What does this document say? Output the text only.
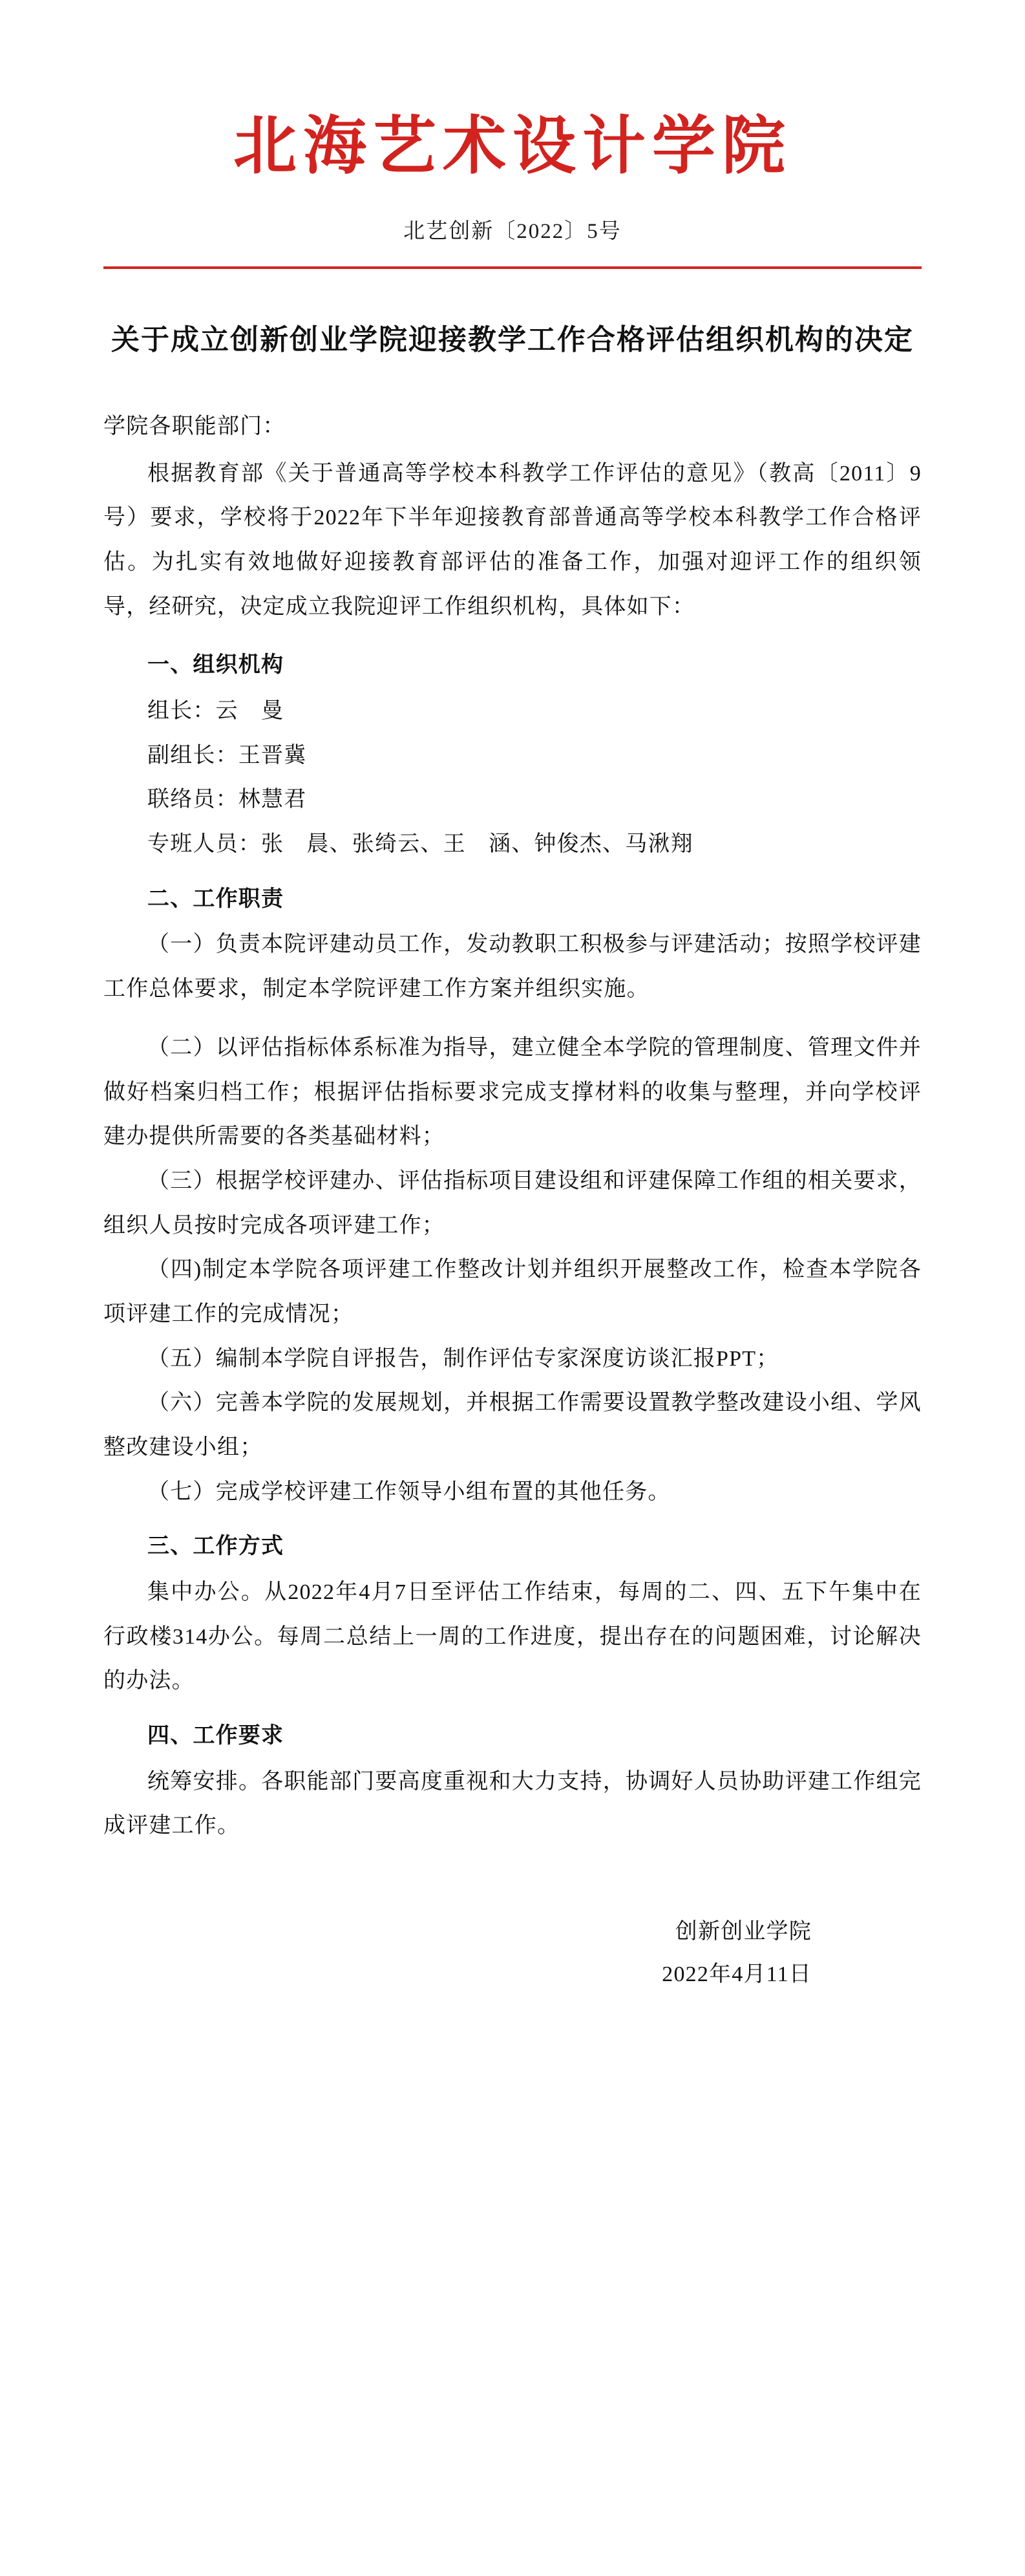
北海艺术设计学院
北艺创新〔2022〕5号
关于成立创新创业学院迎接教学工作合格评估组织机构的决定

学院各职能部门：

根据教育部《关于普通高等学校本科教学工作评估的意见》（教高〔2011〕9号）要求，学校将于2022年下半年迎接教育部普通高等学校本科教学工作合格评估。为扎实有效地做好迎接教育部评估的准备工作，加强对迎评工作的组织领导，经研究，决定成立我院迎评工作组织机构，具体如下：

一、组织机构

组长：云　曼

副组长：王晋冀

联络员：林慧君

专班人员：张　晨、张绮云、王　涵、钟俊杰、马湫翔

二、工作职责

（一）负责本院评建动员工作，发动教职工积极参与评建活动；按照学校评建工作总体要求，制定本学院评建工作方案并组织实施。

（二）以评估指标体系标准为指导，建立健全本学院的管理制度、管理文件并做好档案归档工作；根据评估指标要求完成支撑材料的收集与整理，并向学校评建办提供所需要的各类基础材料；

（三）根据学校评建办、评估指标项目建设组和评建保障工作组的相关要求，组织人员按时完成各项评建工作；

（四)制定本学院各项评建工作整改计划并组织开展整改工作，检查本学院各项评建工作的完成情况；

（五）编制本学院自评报告，制作评估专家深度访谈汇报PPT；

（六）完善本学院的发展规划，并根据工作需要设置教学整改建设小组、学风整改建设小组；

（七）完成学校评建工作领导小组布置的其他任务。

三、工作方式

集中办公。从2022年4月7日至评估工作结束，每周的二、四、五下午集中在行政楼314办公。每周二总结上一周的工作进度，提出存在的问题困难，讨论解决的办法。

四、工作要求

统筹安排。各职能部门要高度重视和大力支持，协调好人员协助评建工作组完成评建工作。

创新创业学院
2022年4月11日
